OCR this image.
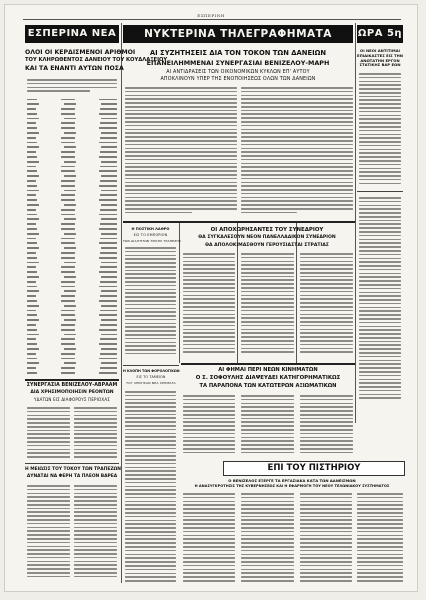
ΕΣΠΕΡΙΝΗ
ΕΣΠΕΡΙΝΑ ΝΕΑ	ΝΥΚΤΕΡΙΝΑ ΤΗΛΕΓΡΑΦΗΜΑΤΑ	ΩΡΑ 5η
ΟΛΟΙ ΟΙ ΚΕΡΔΙΣΜΕΝΟΙ ΑΡΙΘΜΟΙ
ΤΟΥ ΚΛΗΡΩΘΕΝΤΟΣ ΔΑΝΕΙΟΥ ΤΟΥ ΚΟΥΔΛΑΞΕΙΟΥ
ΚΑΙ ΤΑ ΕΝΑΝΤΙ ΑΥΤΩΝ ΠΟΣΑ
ΣΥΝΕΡΓΑΣΙΑ ΒΕΝΙΖΕΛΟΥ-ΑΒΡΑΑΜ
ΔΙΑ ΧΡΗΣΙΜΟΠΟΙΗΣΙΝ ΡΕΟΝΤΩΝ
ΥΔΑΤΩΝ ΕΙΣ ΔΙΑΦΟΡΟΥΣ ΠΕΡΙΟΧΑΣ
Η ΜΕΙΩΣΙΣ ΤΟΥ ΤΟΚΟΥ ΤΩΝ ΤΡΑΠΕΖΩΝ
ΔΥΝΑΤΑΙ ΝΑ ΦΕΡΗ ΤΑ ΠΛΕΟΝ ΒΑΡΕΑ
ΑΙ ΣΥΖΗΤΗΣΕΙΣ ΔΙΑ ΤΟΝ ΤΟΚΟΝ ΤΩΝ ΔΑΝΕΙΩΝ
ΕΠΑΝΕΙΛΗΜΜΕΝΑΙ ΣΥΝΕΡΓΑΣΙΑΙ ΒΕΝΙΖΕΛΟΥ-ΜΑΡΗ
ΑΙ ΑΝΤΙΔΡΑΣΕΙΣ ΤΩΝ ΟΙΚΟΝΟΜΙΚΩΝ ΚΥΚΛΩΝ ΕΠ' ΑΥΤΟΥ
ΑΠΟΚΛΙΝΟΥΝ ΥΠΕΡ ΤΗΣ ΕΝΟΠΟΙΗΣΕΩΣ ΟΛΩΝ ΤΩΝ ΔΑΝΕΙΩΝ
Η ΠΟΣΤΙΚΗ ΛΑΘΡΟ
ΕΙΣ ΤΟ ΕΜΠΟΡΙΟΝ
ΤΩΝ ΔΙΑΙΤΗΤΩΝ ΤΡΙΚΗΣ ΤΡΑΠΕΖΗΣ
ΟΙ ΑΠΟΧΩΡΗΣΑΝΤΕΣ ΤΟΥ ΣΥΝΕΔΡΙΟΥ
ΘΑ ΣΥΓΚΑΛΕΣΟΥΝ ΝΕΟΝ ΠΑΝΕΛΛΑΔΙΚΟΝ ΣΥΝΕΔΡΙΟΝ
ΘΑ ΑΠΟΛΟΚΙΜΑΣΘΟΥΝ ΓΕΡΟΥΣΙΑΣΤΑΙ ΣΤΡΑΤΙΑΣ
ΑΙ ΦΗΜΑΙ ΠΕΡΙ ΝΕΩΝ ΚΙΝΗΜΑΤΩΝ
Ο Σ. ΣΟΦΟΥΛΗΣ ΔΙΑΨΕΥΔΕΙ ΚΑΤΗΓΟΡΗΜΑΤΙΚΩΣ
ΤΑ ΠΑΡΑΠΟΝΑ ΤΩΝ ΚΑΤΩΤΕΡΩΝ ΑΞΙΩΜΑΤΙΚΩΝ
Η ΚΛΟΠΗ ΤΩΝ ΦΟΡΟΛΟΓΙΚΩΝ
ΕΙΣ ΤΟ ΤΑΜΕΙΟΝ
ΤΟΥ ΛΕΝΤΙΣΑΝ ΝΕΑ ΧΡΗΜΑΤΑ
ΟΙ ΝΕΟΙ ΑΝΤΙΤΙΜΑΙ
ΕΠΙΔΙΚΑΣΤΕΣ ΕΙΣ ΤΗΝ
ΑΝΩΤΑΤΗΝ ΕΡΓΟΝ
ΣΤΑΤΙΚΗΣ ΒΑΡ ΕΩΝ
ΕΠΙ ΤΟΥ ΠΙΣΤΗΡΙΟΥ
Ο ΒΕΝΙΖΕΛΟΣ ΕΞΕΡΓΕ ΤΑ ΕΡΓΑΣΙΑΚΑ ΚΑΤΑ ΤΩΝ ΔΑΝΕΙΣΜΩΝ
Η ΑΝΑΣΥΓΚΡΟΤΗΣΙΣ ΤΗΣ ΚΥΒΕΡΝΗΣΕΩΣ ΚΑΙ Η ΕΦΑΡΜΟΓΗ ΤΟΥ ΝΕΟΥ ΤΕΛΩΝΙΑΚΟΥ ΣΥΣΤΗΜΑΤΟΣ
